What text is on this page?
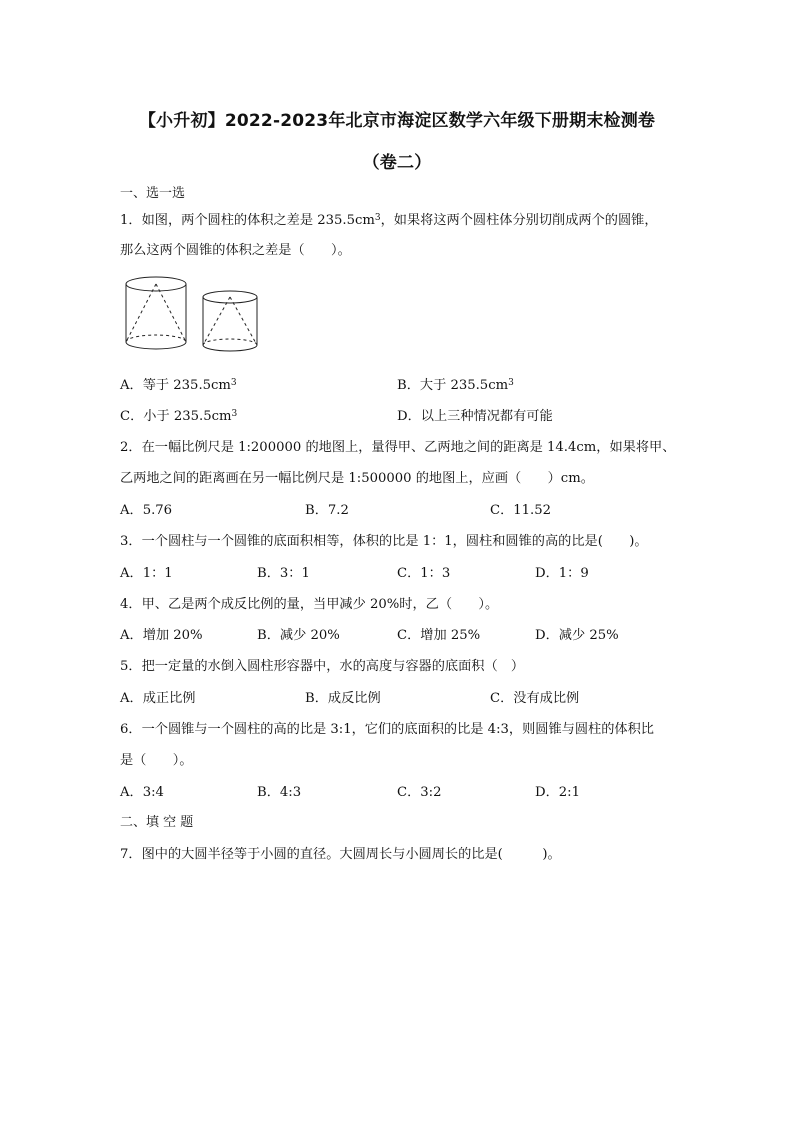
【小升初】2022-2023年北京市海淀区数学六年级下册期末检测卷
（卷二）
一、选一选
1．如图，两个圆柱的体积之差是 $235.5cm^3$，如果将这两个圆柱体分别切削成两个的圆锥，
那么这两个圆锥的体积之差是（　　）。
A．等于 $235.5cm^3$	B．大于 $235.5cm^3$
C．小于 $235.5cm^3$	D．以上三种情况都有可能
2．在一幅比例尺是 1:200000 的地图上，量得甲、乙两地之间的距离是 14.4cm，如果将甲、
乙两地之间的距离画在另一幅比例尺是 1:500000 的地图上，应画（　　）cm。
A．5.76	B．7.2	C．11.52
3．一个圆柱与一个圆锥的底面积相等，体积的比是 1：1，圆柱和圆锥的高的比是(　　)。
A．1：1	B．3：1	C．1：3	D．1：9
4．甲、乙是两个成反比例的量，当甲减少 20%时，乙（　　）。
A．增加 20%	B．减少 20%	C．增加 25%	D．减少 25%
5．把一定量的水倒入圆柱形容器中，水的高度与容器的底面积（　）
A．成正比例	B．成反比例	C．没有成比例
6．一个圆锥与一个圆柱的高的比是 3:1，它们的底面积的比是 4:3，则圆锥与圆柱的体积比
是（　　）。
A．3:4	B．4:3	C．3:2	D．2:1
二、填 空 题
7．图中的大圆半径等于小圆的直径。大圆周长与小圆周长的比是(　　　)。
